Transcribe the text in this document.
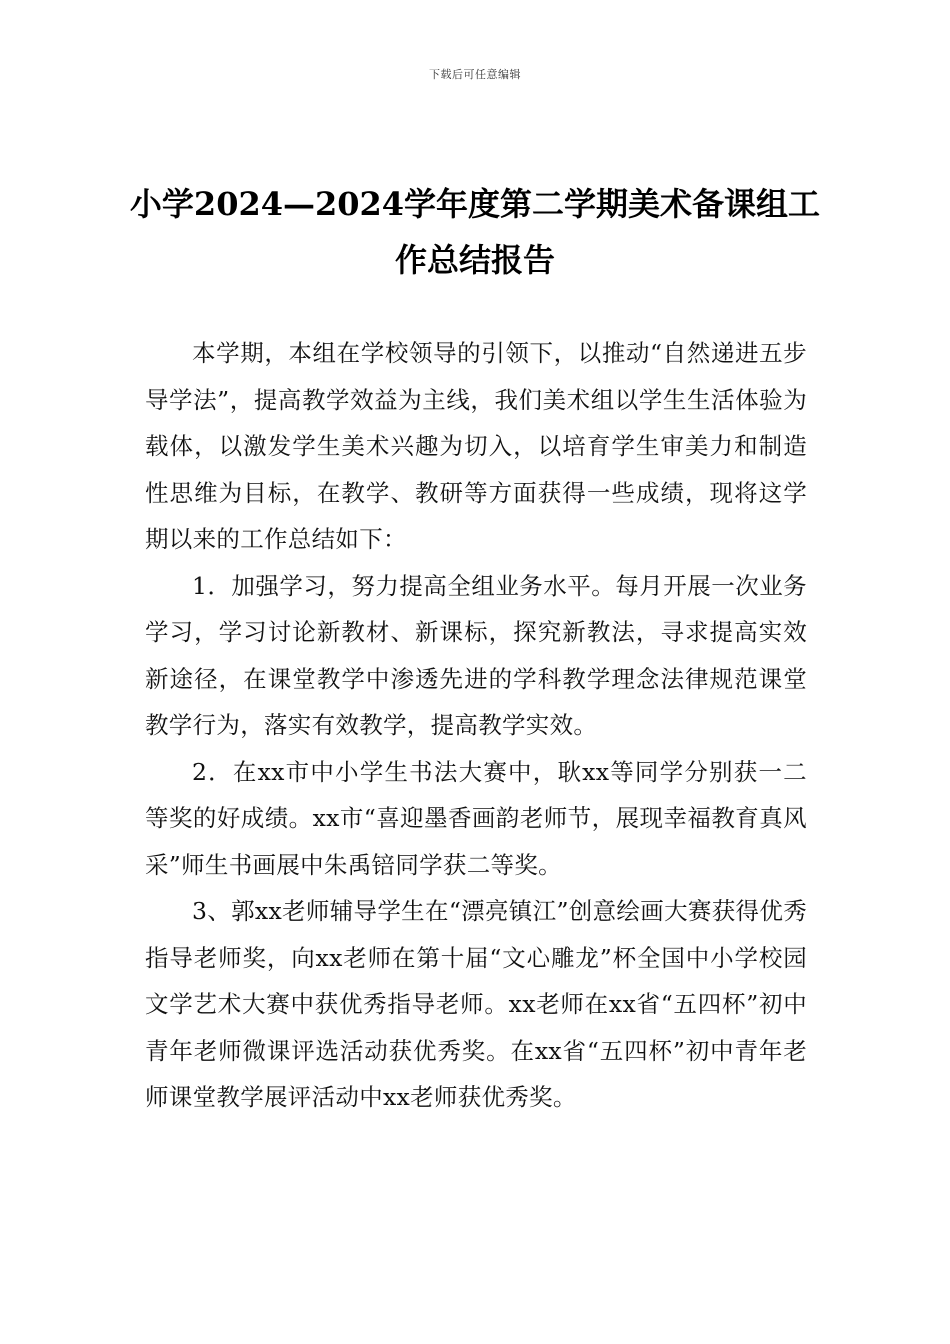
下载后可任意编辑
小学2024—2024学年度第二学期美术备课组工作总结报告

本学期，本组在学校领导的引领下，以推动“自然递进五步导学法”，提高教学效益为主线，我们美术组以学生生活体验为载体，以激发学生美术兴趣为切入，以培育学生审美力和制造性思维为目标，在教学、教研等方面获得一些成绩，现将这学期以来的工作总结如下：

1．加强学习，努力提高全组业务水平。每月开展一次业务学习，学习讨论新教材、新课标，探究新教法，寻求提高实效新途径，在课堂教学中渗透先进的学科教学理念法律规范课堂教学行为，落实有效教学，提高教学实效。

2．在xx市中小学生书法大赛中，耿xx等同学分别获一二等奖的好成绩。xx市“喜迎墨香画韵老师节，展现幸福教育真风采”师生书画展中朱禹锫同学获二等奖。

3、郭xx老师辅导学生在“漂亮镇江”创意绘画大赛获得优秀指导老师奖，向xx老师在第十届“文心雕龙”杯全国中小学校园文学艺术大赛中获优秀指导老师。xx老师在xx省“五四杯”初中青年老师微课评选活动获优秀奖。在xx省“五四杯”初中青年老师课堂教学展评活动中xx老师获优秀奖。
